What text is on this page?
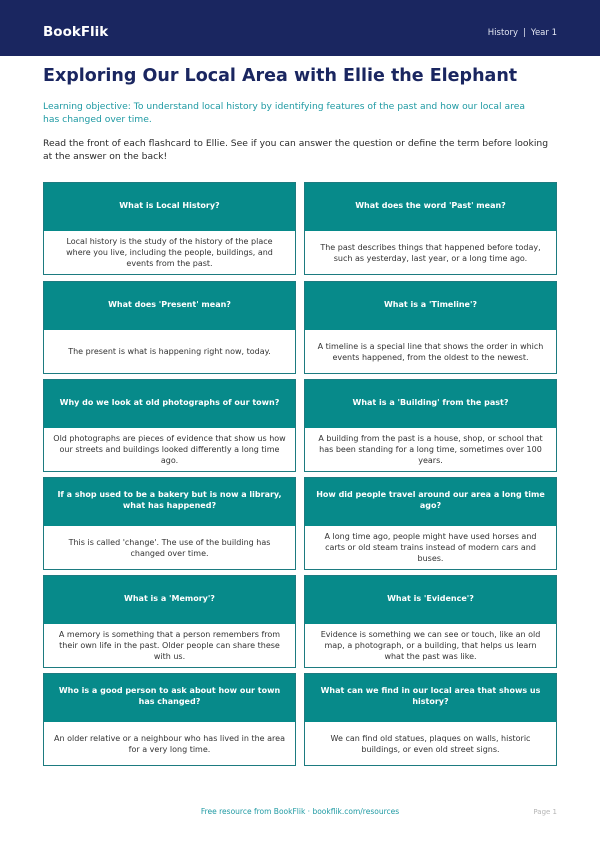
BookFlik	History | Year 1
Exploring Our Local Area with Ellie the Elephant
Learning objective: To understand local history by identifying features of the past and how our local area has changed over time.
Read the front of each flashcard to Ellie. See if you can answer the question or define the term before looking at the answer on the back!
What is Local History?
Local history is the study of the history of the place where you live, including the people, buildings, and events from the past.
What does the word 'Past' mean?
The past describes things that happened before today, such as yesterday, last year, or a long time ago.
What does 'Present' mean?
The present is what is happening right now, today.
What is a 'Timeline'?
A timeline is a special line that shows the order in which events happened, from the oldest to the newest.
Why do we look at old photographs of our town?
Old photographs are pieces of evidence that show us how our streets and buildings looked differently a long time ago.
What is a 'Building' from the past?
A building from the past is a house, shop, or school that has been standing for a long time, sometimes over 100 years.
If a shop used to be a bakery but is now a library, what has happened?
This is called 'change'. The use of the building has changed over time.
How did people travel around our area a long time ago?
A long time ago, people might have used horses and carts or old steam trains instead of modern cars and buses.
What is a 'Memory'?
A memory is something that a person remembers from their own life in the past. Older people can share these with us.
What is 'Evidence'?
Evidence is something we can see or touch, like an old map, a photograph, or a building, that helps us learn what the past was like.
Who is a good person to ask about how our town has changed?
An older relative or a neighbour who has lived in the area for a very long time.
What can we find in our local area that shows us history?
We can find old statues, plaques on walls, historic buildings, or even old street signs.
Free resource from BookFlik · bookflik.com/resources	Page 1
